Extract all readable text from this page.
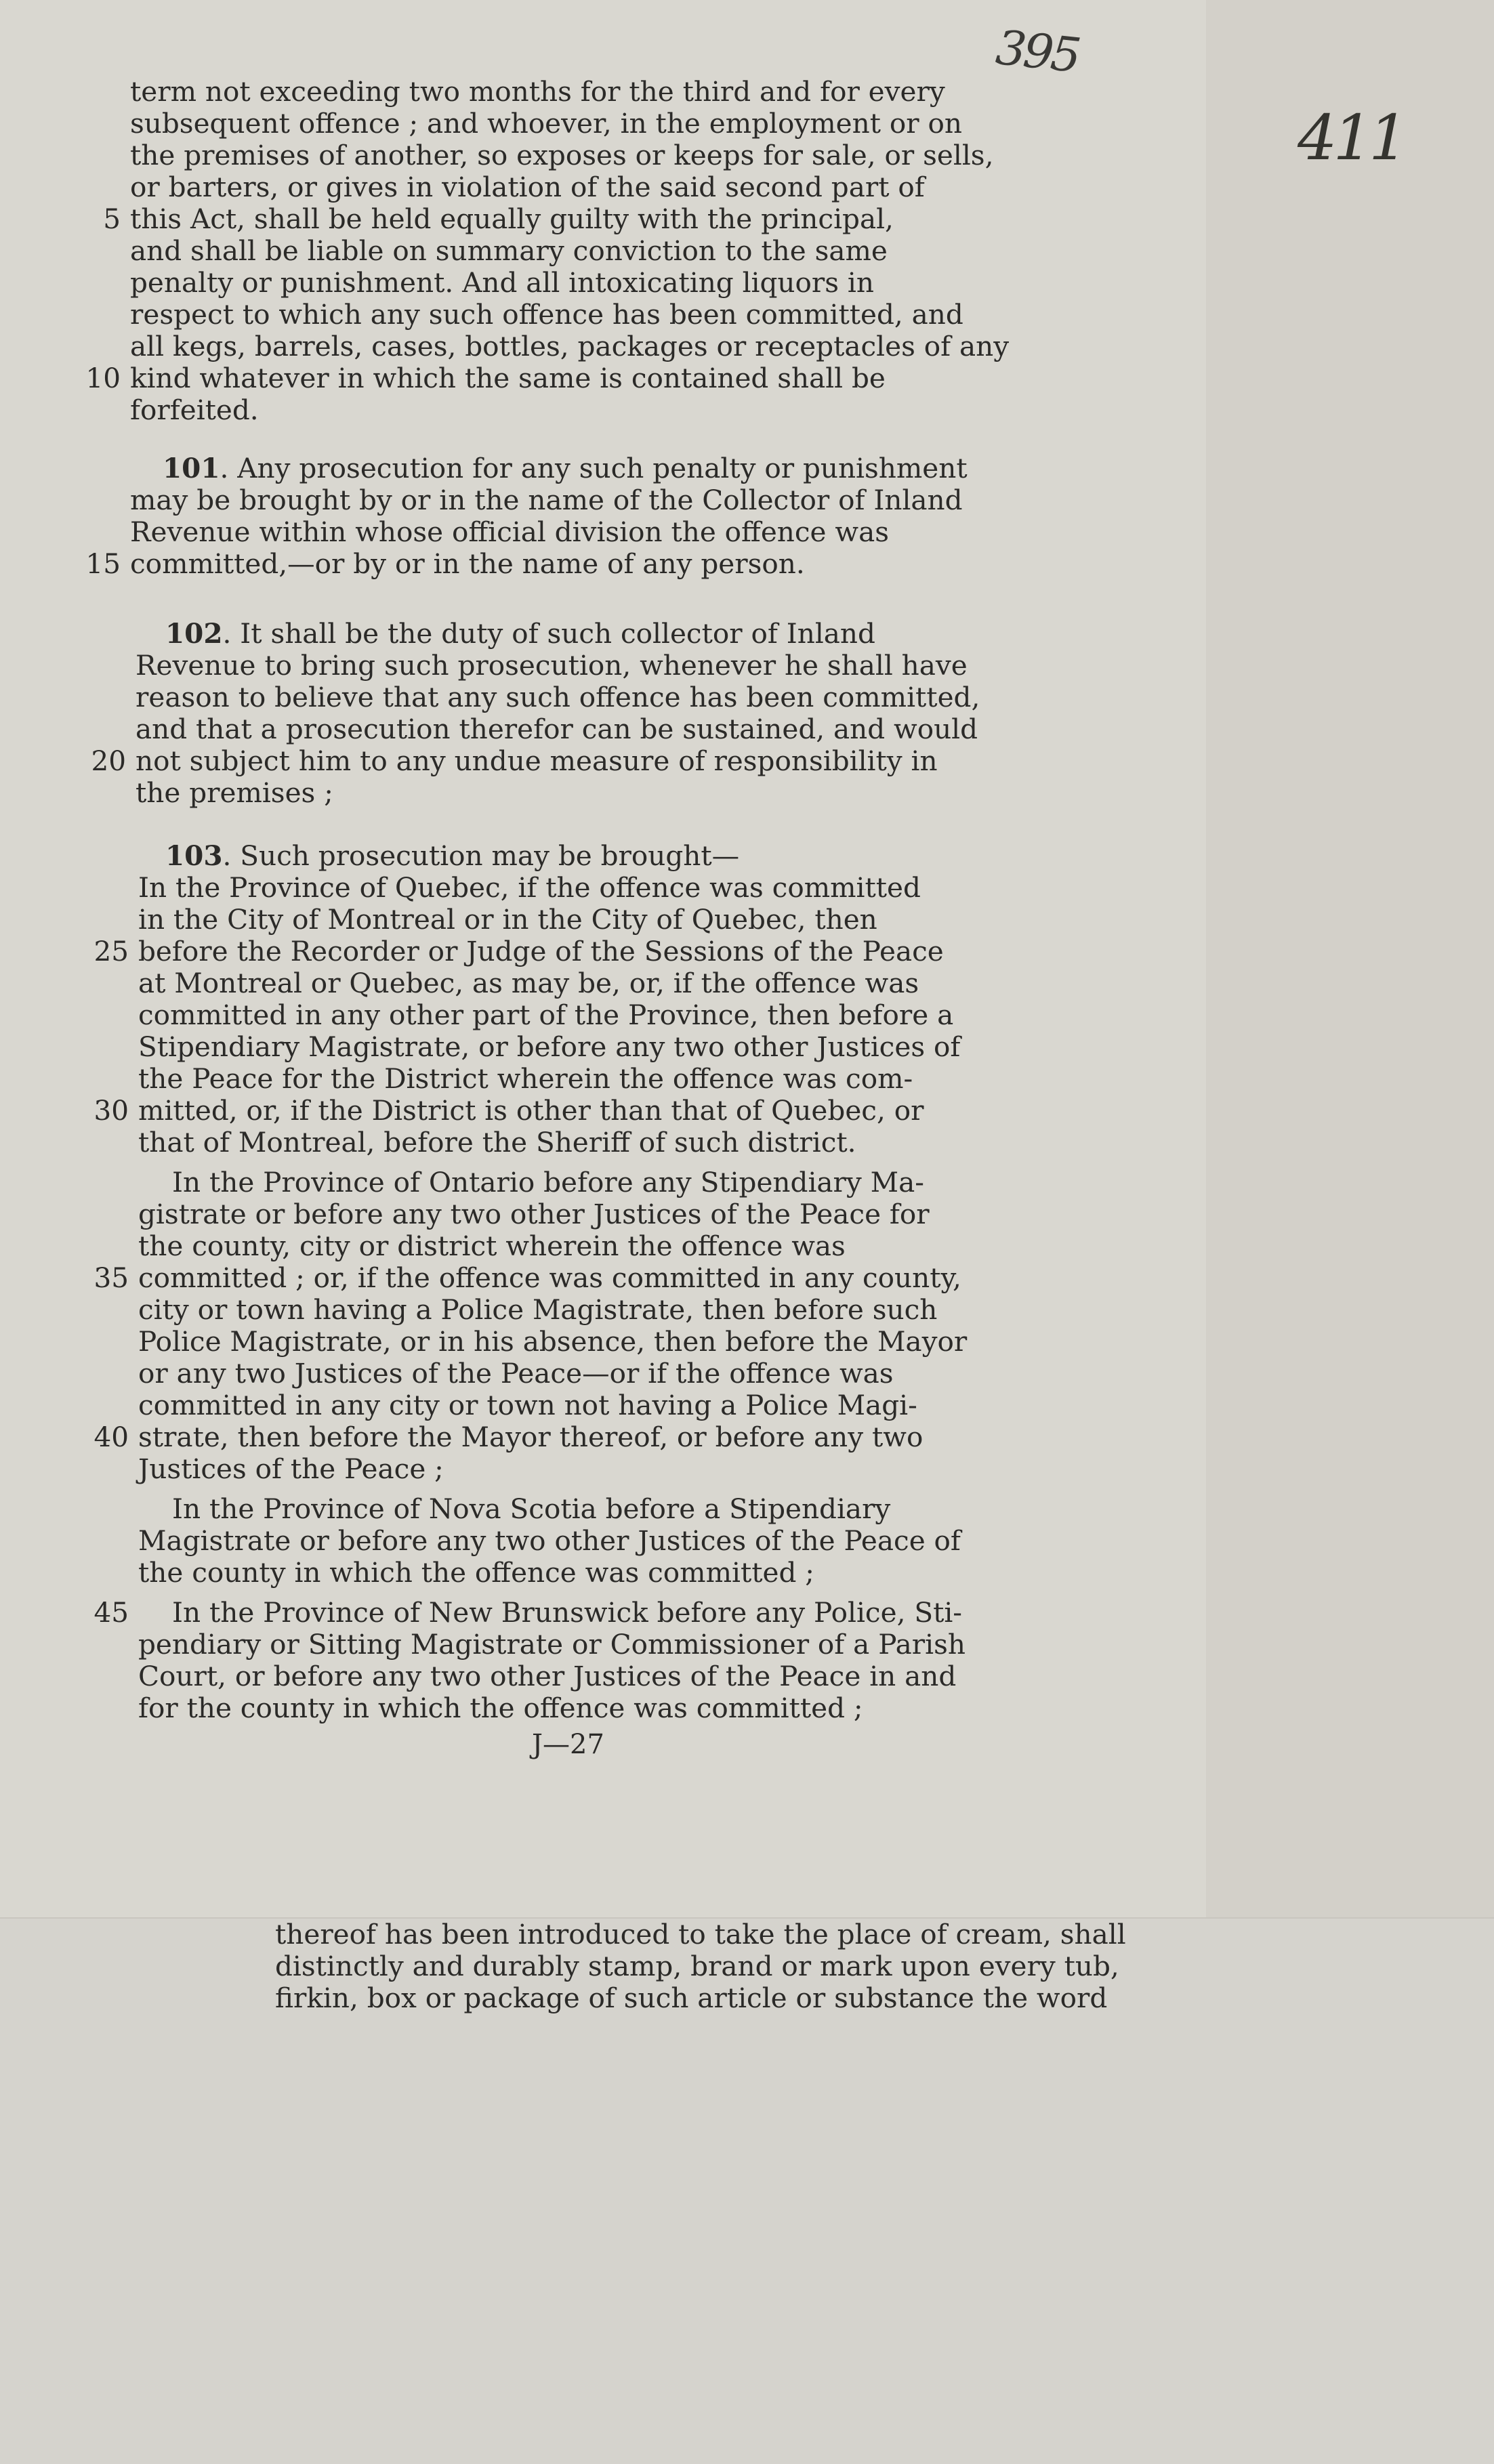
395
411
term not exceeding two months for the third and for every
subsequent offence ; and whoever, in the employment or on
the premises of another, so exposes or keeps for sale, or sells,
or barters, or gives in violation of the said second part of
5 this Act, shall be held equally guilty with the principal,
and shall be liable on summary conviction to the same
penalty or punishment. And all intoxicating liquors in
respect to which any such offence has been committed, and
all kegs, barrels, cases, bottles, packages or receptacles of any
10 kind whatever in which the same is contained shall be
forfeited.
101. Any prosecution for any such penalty or punishment
may be brought by or in the name of the Collector of Inland
Revenue within whose official division the offence was
15 committed,—or by or in the name of any person.
102. It shall be the duty of such collector of Inland
Revenue to bring such prosecution, whenever he shall have
reason to believe that any such offence has been committed,
and that a prosecution therefor can be sustained, and would
20 not subject him to any undue measure of responsibility in
the premises ;
103. Such prosecution may be brought—
In the Province of Quebec, if the offence was committed
in the City of Montreal or in the City of Quebec, then
25 before the Recorder or Judge of the Sessions of the Peace
at Montreal or Quebec, as may be, or, if the offence was
committed in any other part of the Province, then before a
Stipendiary Magistrate, or before any two other Justices of
the Peace for the District wherein the offence was com-
30 mitted, or, if the District is other than that of Quebec, or
that of Montreal, before the Sheriff of such district.
In the Province of Ontario before any Stipendiary Ma-
gistrate or before any two other Justices of the Peace for
the county, city or district wherein the offence was
35 committed ; or, if the offence was committed in any county,
city or town having a Police Magistrate, then before such
Police Magistrate, or in his absence, then before the Mayor
or any two Justices of the Peace—or if the offence was
committed in any city or town not having a Police Magi-
40 strate, then before the Mayor thereof, or before any two
Justices of the Peace ;
In the Province of Nova Scotia before a Stipendiary
Magistrate or before any two other Justices of the Peace of
the county in which the offence was committed ;
45 In the Province of New Brunswick before any Police, Sti-
pendiary or Sitting Magistrate or Commissioner of a Parish
Court, or before any two other Justices of the Peace in and
for the county in which the offence was committed ;
J—27
thereof has been introduced to take the place of cream, shall
distinctly and durably stamp, brand or mark upon every tub,
firkin, box or package of such article or substance the word
